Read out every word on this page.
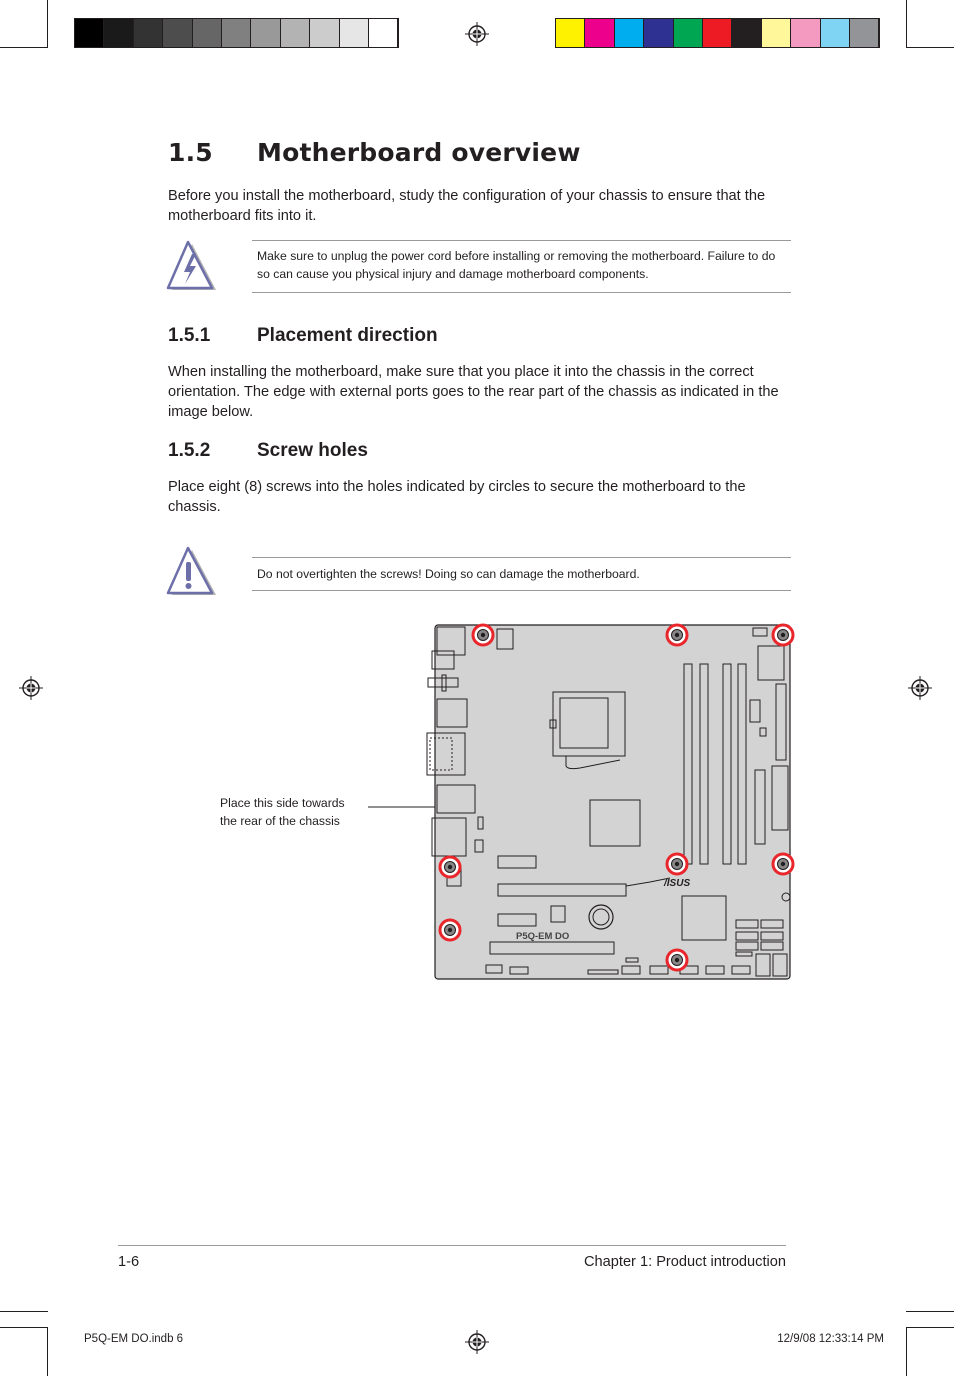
1.5 Motherboard overview

Before you install the motherboard, study the configuration of your chassis to ensure that the motherboard fits into it.

Make sure to unplug the power cord before installing or removing the motherboard. Failure to do so can cause you physical injury and damage motherboard components.

1.5.1 Placement direction

When installing the motherboard, make sure that you place it into the chassis in the correct orientation. The edge with external ports goes to the rear part of the chassis as indicated in the image below.

1.5.2 Screw holes

Place eight (8) screws into the holes indicated by circles to secure the motherboard to the chassis.

Do not overtighten the screws! Doing so can damage the motherboard.

Place this side towards
the rear of the chassis
P5Q-EM DO
/ISUS
1-6	Chapter 1: Product introduction
P5Q-EM DO.indb 6	12/9/08 12:33:14 PM
